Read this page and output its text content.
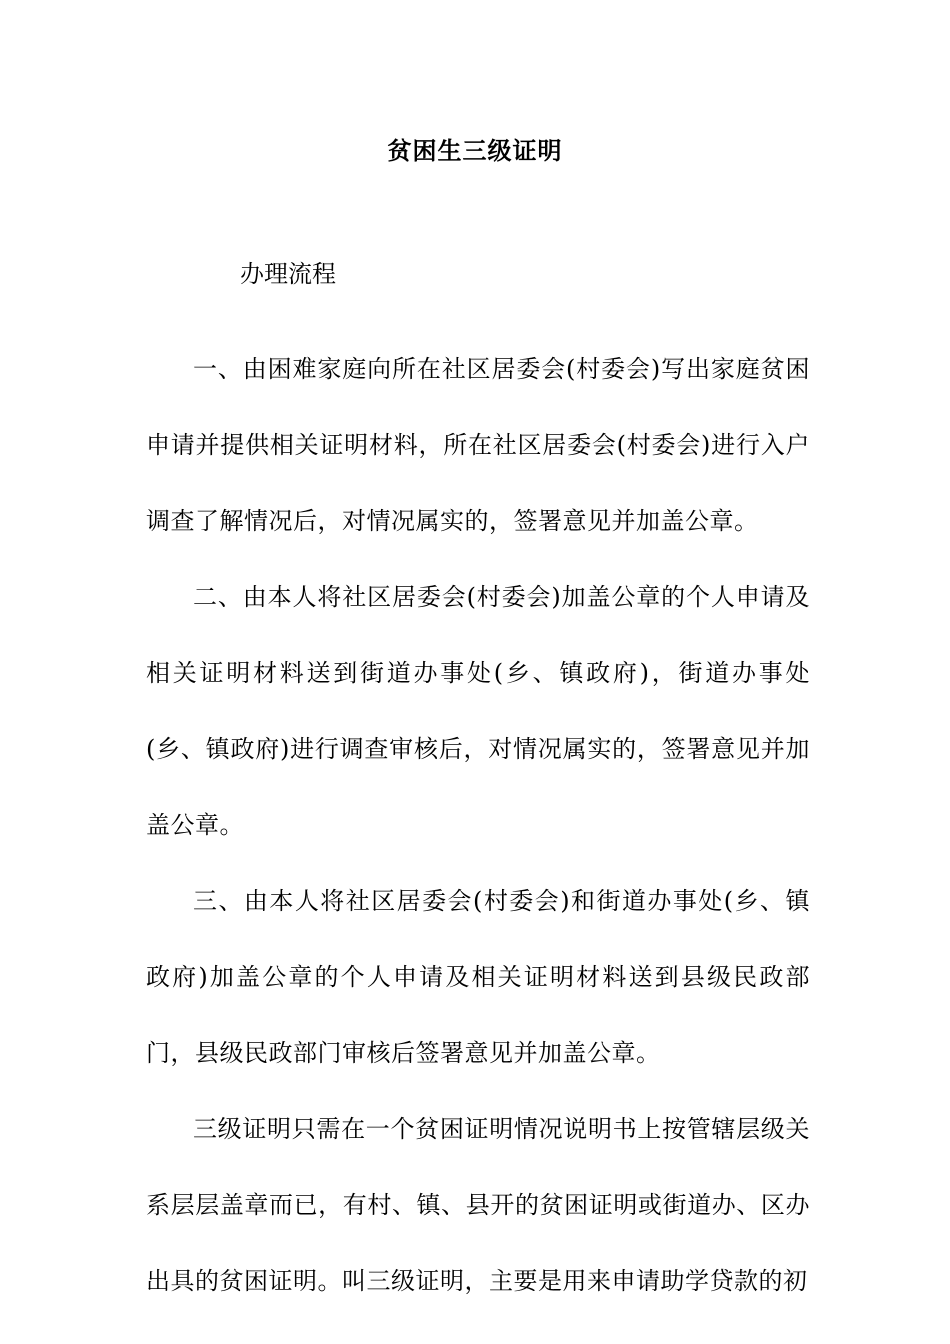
贫困生三级证明

办理流程

一、由困难家庭向所在社区居委会(村委会)写出家庭贫困申请并提供相关证明材料，所在社区居委会(村委会)进行入户调查了解情况后，对情况属实的，签署意见并加盖公章。

二、由本人将社区居委会(村委会)加盖公章的个人申请及相关证明材料送到街道办事处(乡、镇政府)，街道办事处(乡、镇政府)进行调查审核后，对情况属实的，签署意见并加盖公章。

三、由本人将社区居委会(村委会)和街道办事处(乡、镇政府)加盖公章的个人申请及相关证明材料送到县级民政部门，县级民政部门审核后签署意见并加盖公章。

三级证明只需在一个贫困证明情况说明书上按管辖层级关系层层盖章而已，有村、镇、县开的贫困证明或街道办、区办出具的贫困证明。叫三级证明，主要是用来申请助学贷款的初
